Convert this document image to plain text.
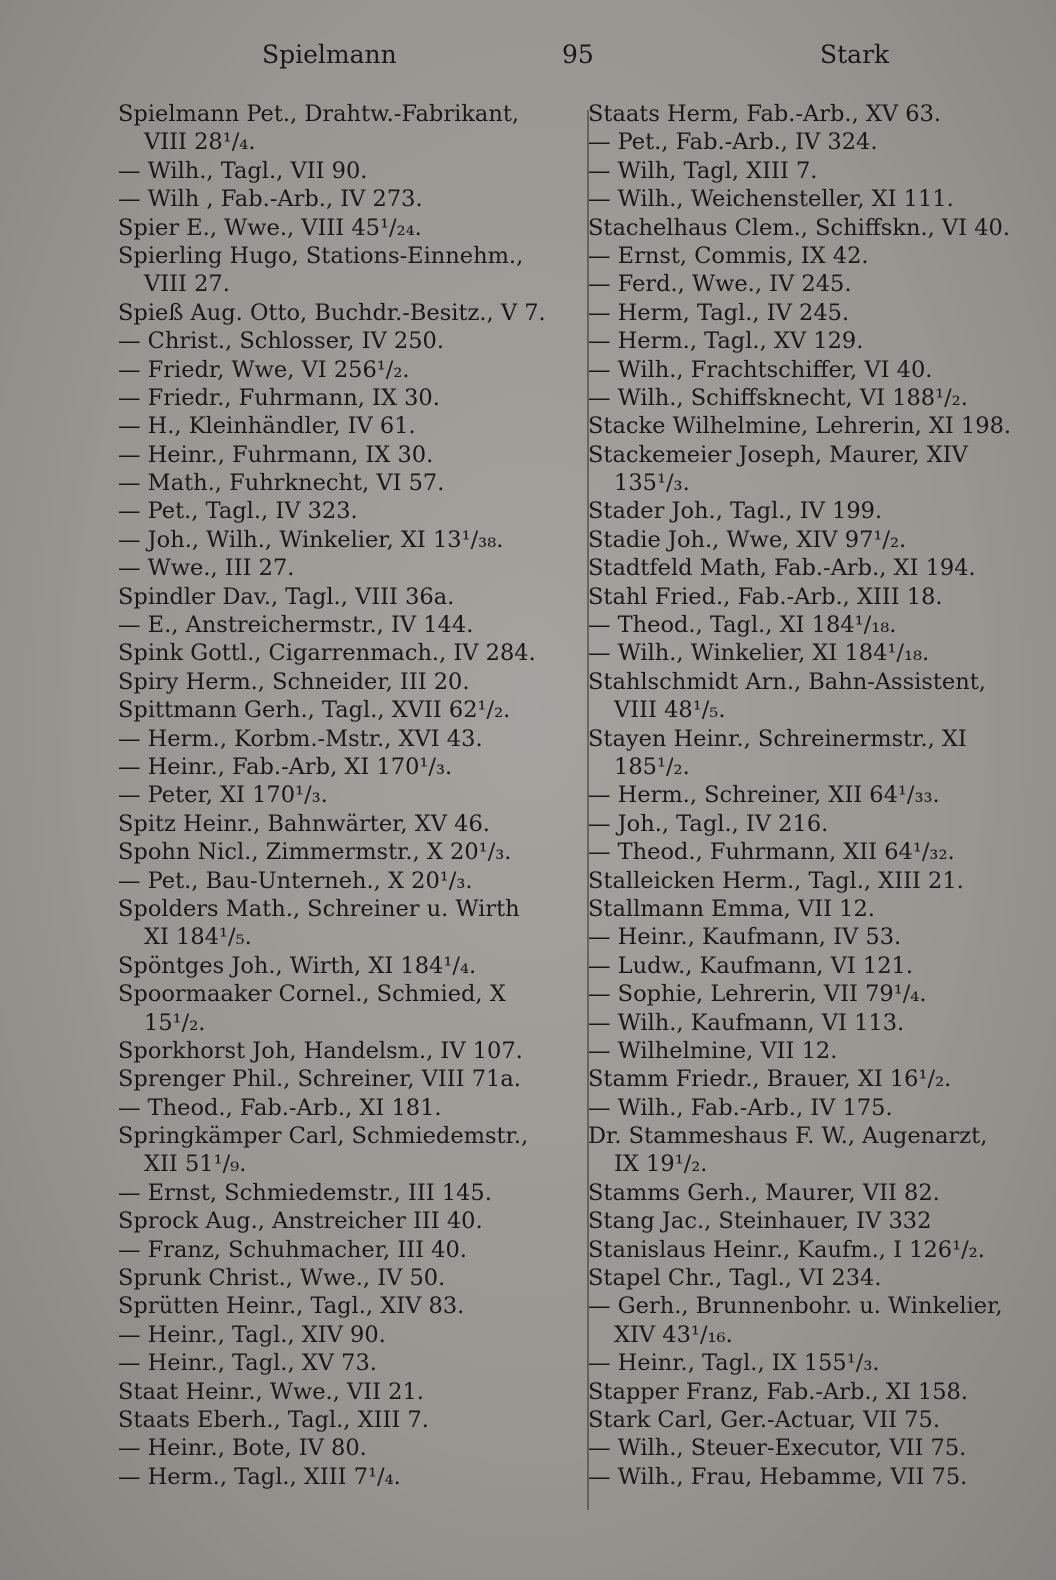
Spielmann	95	Stark
Spielmann Pet., Drahtw.-Fabrikant,
VIII 28¹/₄.
— Wilh., Tagl., VII 90.
— Wilh , Fab.-Arb., IV 273.
Spier E., Wwe., VIII 45¹/₂₄.
Spierling Hugo, Stations-Einnehm.,
VIII 27.
Spieß Aug. Otto, Buchdr.-Besitz., V 7.
— Christ., Schlosser, IV 250.
— Friedr, Wwe, VI 256¹/₂.
— Friedr., Fuhrmann, IX 30.
— H., Kleinhändler, IV 61.
— Heinr., Fuhrmann, IX 30.
— Math., Fuhrknecht, VI 57.
— Pet., Tagl., IV 323.
— Joh., Wilh., Winkelier, XI 13¹/₃₈.
— Wwe., III 27.
Spindler Dav., Tagl., VIII 36a.
— E., Anstreichermstr., IV 144.
Spink Gottl., Cigarrenmach., IV 284.
Spiry Herm., Schneider, III 20.
Spittmann Gerh., Tagl., XVII 62¹/₂.
— Herm., Korbm.-Mstr., XVI 43.
— Heinr., Fab.-Arb, XI 170¹/₃.
— Peter, XI 170¹/₃.
Spitz Heinr., Bahnwärter, XV 46.
Spohn Nicl., Zimmermstr., X 20¹/₃.
— Pet., Bau-Unterneh., X 20¹/₃.
Spolders Math., Schreiner u. Wirth
XI 184¹/₅.
Spöntges Joh., Wirth, XI 184¹/₄.
Spoormaaker Cornel., Schmied, X
15¹/₂.
Sporkhorst Joh, Handelsm., IV 107.
Sprenger Phil., Schreiner, VIII 71a.
— Theod., Fab.-Arb., XI 181.
Springkämper Carl, Schmiedemstr.,
XII 51¹/₉.
— Ernst, Schmiedemstr., III 145.
Sprock Aug., Anstreicher III 40.
— Franz, Schuhmacher, III 40.
Sprunk Christ., Wwe., IV 50.
Sprütten Heinr., Tagl., XIV 83.
— Heinr., Tagl., XIV 90.
— Heinr., Tagl., XV 73.
Staat Heinr., Wwe., VII 21.
Staats Eberh., Tagl., XIII 7.
— Heinr., Bote, IV 80.
— Herm., Tagl., XIII 7¹/₄.
Staats Herm, Fab.-Arb., XV 63.
— Pet., Fab.-Arb., IV 324.
— Wilh, Tagl, XIII 7.
— Wilh., Weichensteller, XI 111.
Stachelhaus Clem., Schiffskn., VI 40.
— Ernst, Commis, IX 42.
— Ferd., Wwe., IV 245.
— Herm, Tagl., IV 245.
— Herm., Tagl., XV 129.
— Wilh., Frachtschiffer, VI 40.
— Wilh., Schiffsknecht, VI 188¹/₂.
Stacke Wilhelmine, Lehrerin, XI 198.
Stackemeier Joseph, Maurer, XIV
135¹/₃.
Stader Joh., Tagl., IV 199.
Stadie Joh., Wwe, XIV 97¹/₂.
Stadtfeld Math, Fab.-Arb., XI 194.
Stahl Fried., Fab.-Arb., XIII 18.
— Theod., Tagl., XI 184¹/₁₈.
— Wilh., Winkelier, XI 184¹/₁₈.
Stahlschmidt Arn., Bahn-Assistent,
VIII 48¹/₅.
Stayen Heinr., Schreinermstr., XI
185¹/₂.
— Herm., Schreiner, XII 64¹/₃₃.
— Joh., Tagl., IV 216.
— Theod., Fuhrmann, XII 64¹/₃₂.
Stalleicken Herm., Tagl., XIII 21.
Stallmann Emma, VII 12.
— Heinr., Kaufmann, IV 53.
— Ludw., Kaufmann, VI 121.
— Sophie, Lehrerin, VII 79¹/₄.
— Wilh., Kaufmann, VI 113.
— Wilhelmine, VII 12.
Stamm Friedr., Brauer, XI 16¹/₂.
— Wilh., Fab.-Arb., IV 175.
Dr. Stammeshaus F. W., Augenarzt,
IX 19¹/₂.
Stamms Gerh., Maurer, VII 82.
Stang Jac., Steinhauer, IV 332
Stanislaus Heinr., Kaufm., I 126¹/₂.
Stapel Chr., Tagl., VI 234.
— Gerh., Brunnenbohr. u. Winkelier,
XIV 43¹/₁₆.
— Heinr., Tagl., IX 155¹/₃.
Stapper Franz, Fab.-Arb., XI 158.
Stark Carl, Ger.-Actuar, VII 75.
— Wilh., Steuer-Executor, VII 75.
— Wilh., Frau, Hebamme, VII 75.
